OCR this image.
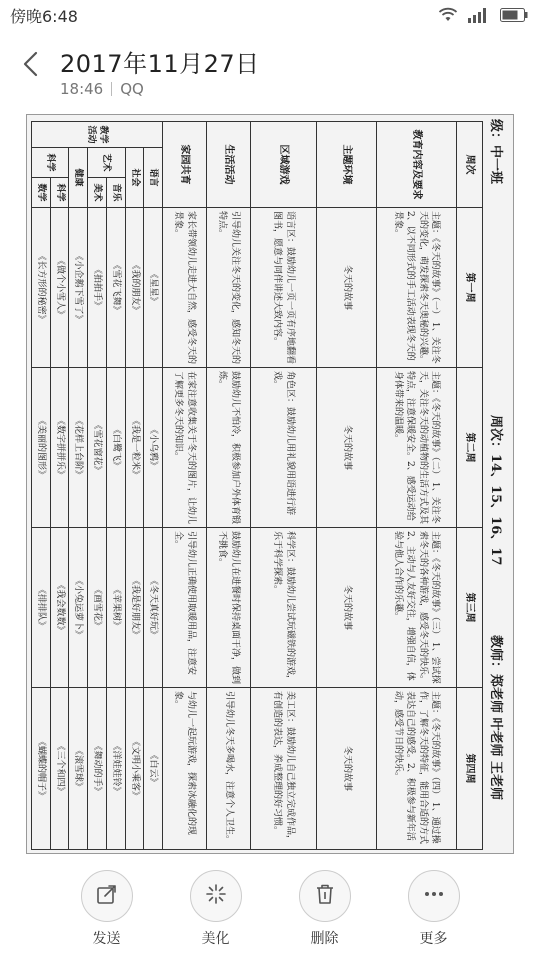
傍晚6:48
2017年11月27日
18:46 QQ
级：中一班
周次：14、15、16、17
教师：郑老师 叶老师 王老师
周次			第一周	第二周	第三周	第四周
教育内容及要求			主题：《冬天的故事》（一） 1、关注冬天的变化，萌发探索冬天奥秘的兴趣。2、以不同形式的手工活动表现冬天的景象。	主题：《冬天的故事》（二） 1、关注冬天，关注冬天的动植物的生活方式及其特点，注意保暖安全。2、感受运动给身体带来的温暖。	主题：《冬天的故事》（三） 1、尝试探索冬天的各种游戏，感受冬天的快乐。2、主动与人友好交往，增强自信，体验与他人合作的乐趣。	主题：《冬天的故事》（四） 1、通过操作，了解冬天的特征，能用合适的方式表达自己的感受。2、积极参与新年活动，感受节日的快乐。
主题环境			冬天的故事	冬天的故事	冬天的故事	冬天的故事
区域游戏			语言区：鼓励幼儿一页一页有序地翻看图书，愿意与同伴讲述大致内容。	角色区：鼓励幼儿用礼貌用语进行游戏。	科学区：鼓励幼儿尝试玩磁铁的游戏，乐于科学探索。	美工区：鼓励幼儿自己独立完成作品，有创造的表达，养成整理的好习惯。
生活活动			引导幼儿关注冬天的变化，感知冬天的特点。	鼓励幼儿不怕冷，积极参加户外体育锻炼。	鼓励幼儿在进餐时保持桌面干净，做到不挑食。	引导幼儿冬天多喝水，注意个人卫生。
家园共育			家长带领幼儿走进大自然，感受冬天的景象。	在家注意收集关于冬天的图片，让幼儿了解更多冬天的知识。	引导幼儿正确使用取暖用品，注意安全。	与幼儿一起玩游戏，探索冰融化的现象。
教学活动	语言		《星星》	《小乌鸦》	《冬天真好玩》	《白云》
	社会		《我的朋友》	《我是一粒米》	《我是好朋友》	《文明小乘客》
	艺术	音乐	《雪花飞舞》	《白鹭飞》	《苹果树》	《洋娃娃铃》
		美术	《拍拍手》	《雪花窗花》	《画雪花》	《舞动的手》
	健康		《小企鹅下雪了》	《花样上台阶》	《小兔运萝卜》	《滚雪球》
	科学	科学	《做个小雪人》	《数字拼拼乐》	《我会数数》	《三个和四》
		数学	《长方形的秘密》	《美丽的图形》	《排排队》	《蝴蝶的帽子》
发送	美化	删除	更多
